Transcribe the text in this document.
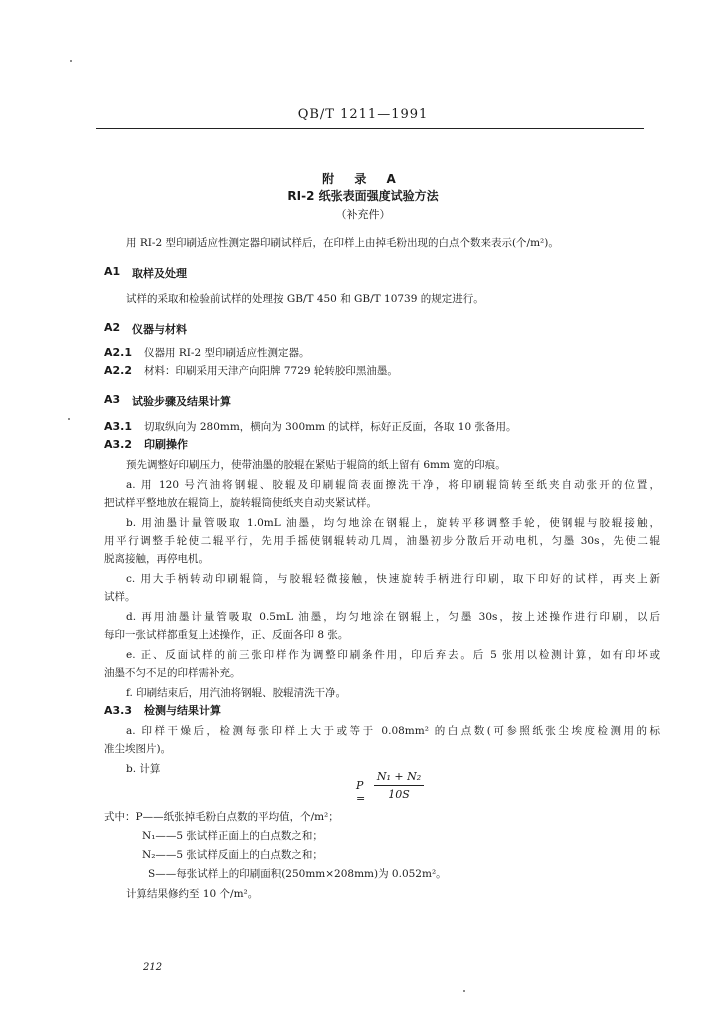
QB/T 1211—1991
附 录 A
RI-2 纸张表面强度试验方法
（补充件）
用 RI-2 型印刷适应性测定器印刷试样后，在印样上由掉毛粉出现的白点个数来表示(个/m²)。
A1 取样及处理
试样的采取和检验前试样的处理按 GB/T 450 和 GB/T 10739 的规定进行。
A2 仪器与材料
A2.1 仪器用 RI-2 型印刷适应性测定器。
A2.2 材料：印刷采用天津产向阳牌 7729 轮转胶印黑油墨。
A3 试验步骤及结果计算
A3.1 切取纵向为 280mm，横向为 300mm 的试样，标好正反面，各取 10 张备用。
A3.2 印刷操作
预先调整好印刷压力，使带油墨的胶辊在紧贴于辊筒的纸上留有 6mm 宽的印痕。
a. 用 120 号汽油将钢辊、胶辊及印刷辊筒表面擦洗干净，将印刷辊筒转至纸夹自动张开的位置，
把试样平整地放在辊筒上，旋转辊筒使纸夹自动夹紧试样。
b. 用油墨计量管吸取 1.0mL 油墨，均匀地涂在钢辊上，旋转平移调整手轮，使钢辊与胶辊接触，
用平行调整手轮使二辊平行，先用手摇使钢辊转动几周，油墨初步分散后开动电机，匀墨 30s，先使二辊
脱离接触，再停电机。
c. 用大手柄转动印刷辊筒，与胶辊轻微接触，快速旋转手柄进行印刷，取下印好的试样，再夹上新
试样。
d. 再用油墨计量管吸取 0.5mL 油墨，均匀地涂在钢辊上，匀墨 30s，按上述操作进行印刷，以后
每印一张试样都重复上述操作，正、反面各印 8 张。
e. 正、反面试样的前三张印样作为调整印刷条件用，印后弃去。后 5 张用以检测计算，如有印坏或
油墨不匀不足的印样需补充。
f. 印刷结束后，用汽油将钢辊、胶辊清洗干净。
A3.3 检测与结果计算
a. 印样干燥后，检测每张印样上大于或等于 0.08mm² 的白点数(可参照纸张尘埃度检测用的标
准尘埃图片)。
b. 计算
P =
N₁ + N₂
10S
式中：P——纸张掉毛粉白点数的平均值，个/m²；
N₁——5 张试样正面上的白点数之和；
N₂——5 张试样反面上的白点数之和；
S——每张试样上的印刷面积(250mm×208mm)为 0.052m²。
计算结果修约至 10 个/m²。
212
